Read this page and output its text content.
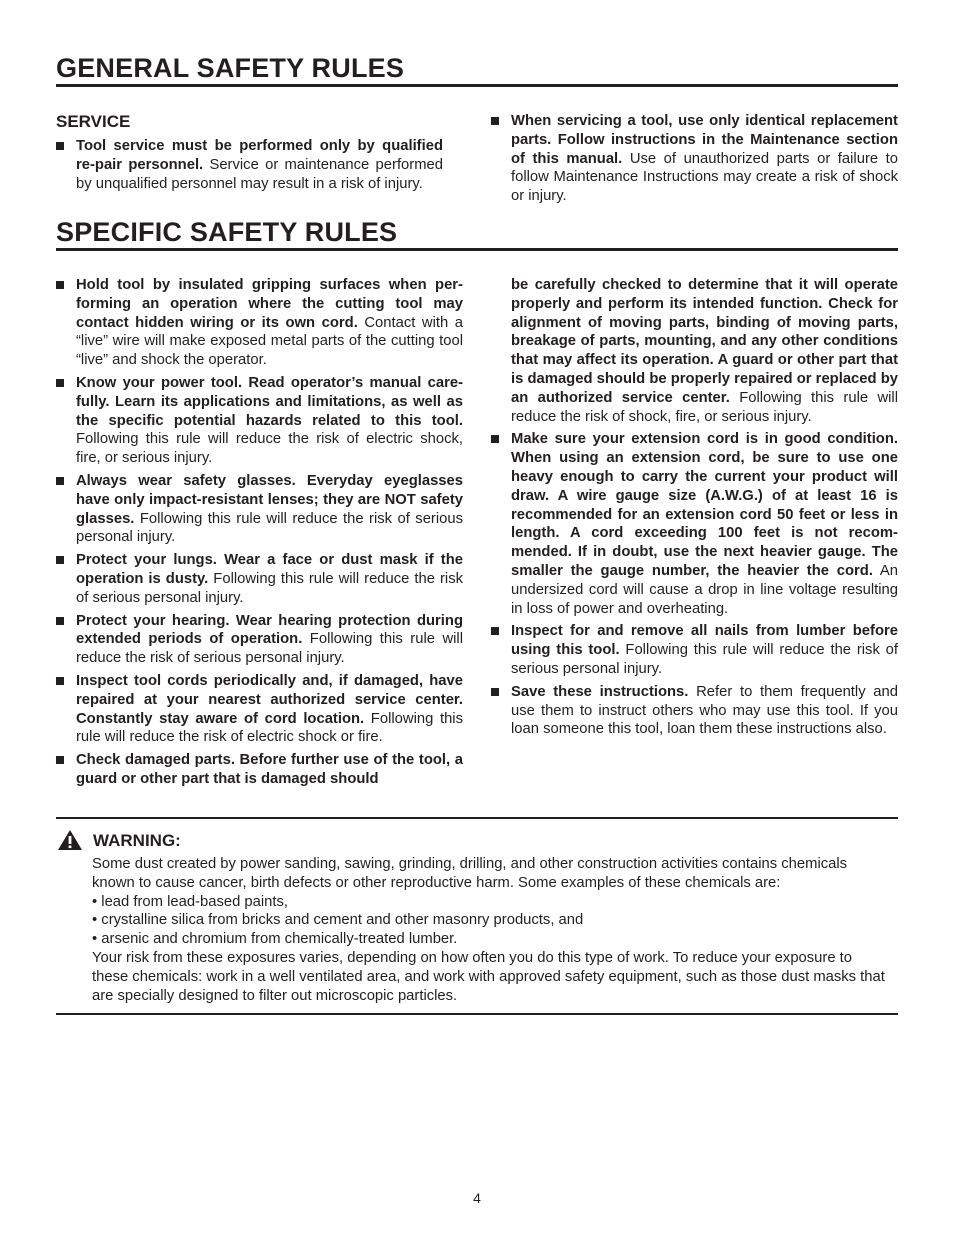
GENERAL SAFETY RULES
SERVICE
Tool service must be performed only by qualified re-pair personnel. Service or maintenance performed by unqualified personnel may result in a risk of injury.
When servicing a tool, use only identical replacement parts. Follow instructions in the Maintenance section of this manual. Use of unauthorized parts or failure to follow Maintenance Instructions may create a risk of shock or injury.
SPECIFIC SAFETY RULES
Hold tool by insulated gripping surfaces when per-forming an operation where the cutting tool may contact hidden wiring or its own cord. Contact with a “live” wire will make exposed metal parts of the cutting tool “live” and shock the operator.
Know your power tool. Read operator’s manual care-fully. Learn its applications and limitations, as well as the specific potential hazards related to this tool. Following this rule will reduce the risk of electric shock, fire, or serious injury.
Always wear safety glasses. Everyday eyeglasses have only impact-resistant lenses; they are NOT safety glasses. Following this rule will reduce the risk of serious personal injury.
Protect your lungs. Wear a face or dust mask if the operation is dusty. Following this rule will reduce the risk of serious personal injury.
Protect your hearing. Wear hearing protection during extended periods of operation. Following this rule will reduce the risk of serious personal injury.
Inspect tool cords periodically and, if damaged, have repaired at your nearest authorized service center. Constantly stay aware of cord location. Following this rule will reduce the risk of electric shock or fire.
Check damaged parts. Before further use of the tool, a guard or other part that is damaged should
be carefully checked to determine that it will operate properly and perform its intended function. Check for alignment of moving parts, binding of moving parts, breakage of parts, mounting, and any other conditions that may affect its operation. A guard or other part that is damaged should be properly repaired or replaced by an authorized service center. Following this rule will reduce the risk of shock, fire, or serious injury.
Make sure your extension cord is in good condition. When using an extension cord, be sure to use one heavy enough to carry the current your product will draw. A wire gauge size (A.W.G.) of at least 16 is recommended for an extension cord 50 feet or less in length. A cord exceeding 100 feet is not recom-mended. If in doubt, use the next heavier gauge. The smaller the gauge number, the heavier the cord. An undersized cord will cause a drop in line voltage resulting in loss of power and overheating.
Inspect for and remove all nails from lumber before using this tool. Following this rule will reduce the risk of serious personal injury.
Save these instructions. Refer to them frequently and use them to instruct others who may use this tool. If you loan someone this tool, loan them these instructions also.
WARNING:
Some dust created by power sanding, sawing, grinding, drilling, and other construction activities contains chemicals known to cause cancer, birth defects or other reproductive harm. Some examples of these chemicals are:
• lead from lead-based paints,
• crystalline silica from bricks and cement and other masonry products, and
• arsenic and chromium from chemically-treated lumber.
Your risk from these exposures varies, depending on how often you do this type of work. To reduce your exposure to these chemicals: work in a well ventilated area, and work with approved safety equipment, such as those dust masks that are specially designed to filter out microscopic particles.
4
